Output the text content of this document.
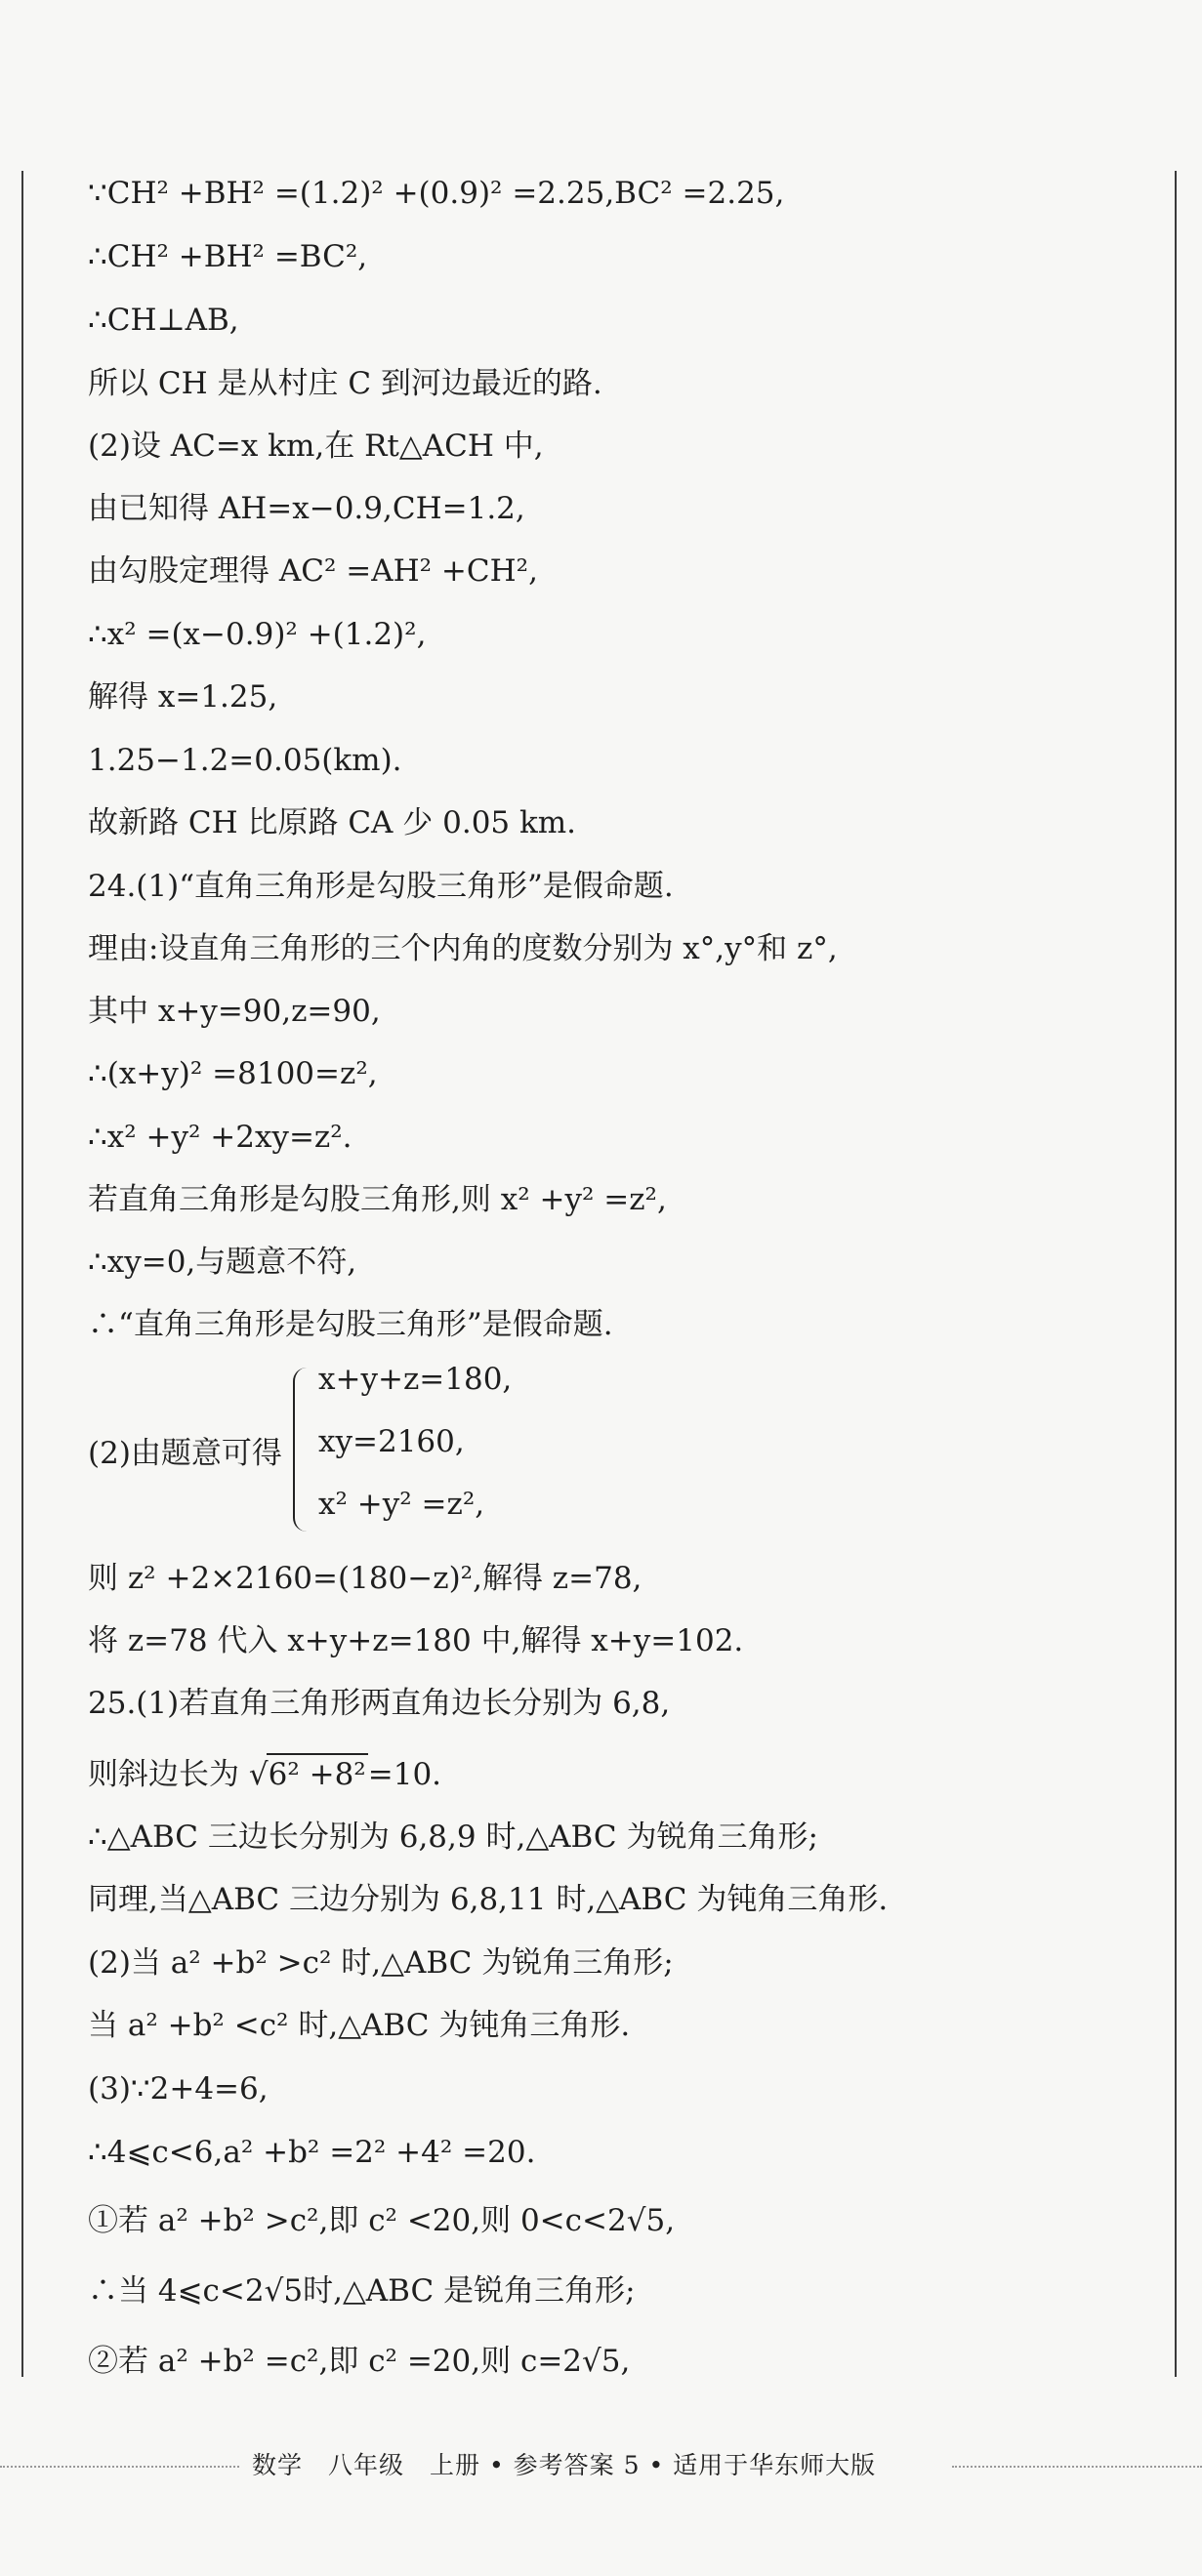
∵CH² +BH² =(1.2)² +(0.9)² =2.25,BC² =2.25,
∴CH² +BH² =BC²,
∴CH⊥AB,
所以 CH 是从村庄 C 到河边最近的路.
(2)设 AC=x km,在 Rt△ACH 中,
由已知得 AH=x−0.9,CH=1.2,
由勾股定理得 AC² =AH² +CH²,
∴x² =(x−0.9)² +(1.2)²,
解得 x=1.25,
1.25−1.2=0.05(km).
故新路 CH 比原路 CA 少 0.05 km.
24.(1)“直角三角形是勾股三角形”是假命题.
理由:设直角三角形的三个内角的度数分别为 x°,y°和 z°,
其中 x+y=90,z=90,
∴(x+y)² =8100=z²,
∴x² +y² +2xy=z².
若直角三角形是勾股三角形,则 x² +y² =z²,
∴xy=0,与题意不符,
∴“直角三角形是勾股三角形”是假命题.
(2)由题意可得
x+y+z=180,
xy=2160,
x² +y² =z²,
则 z² +2×2160=(180−z)²,解得 z=78,
将 z=78 代入 x+y+z=180 中,解得 x+y=102.
25.(1)若直角三角形两直角边长分别为 6,8,
则斜边长为 √6² +8²=10.
∴△ABC 三边长分别为 6,8,9 时,△ABC 为锐角三角形;
同理,当△ABC 三边分别为 6,8,11 时,△ABC 为钝角三角形.
(2)当 a² +b² >c² 时,△ABC 为锐角三角形;
当 a² +b² <c² 时,△ABC 为钝角三角形.
(3)∵2+4=6,
∴4⩽c<6,a² +b² =2² +4² =20.
①若 a² +b² >c²,即 c² <20,则 0<c<2√5,
∴当 4⩽c<2√5时,△ABC 是锐角三角形;
②若 a² +b² =c²,即 c² =20,则 c=2√5,
数学　八年级　上册 • 参考答案 5 • 适用于华东师大版
